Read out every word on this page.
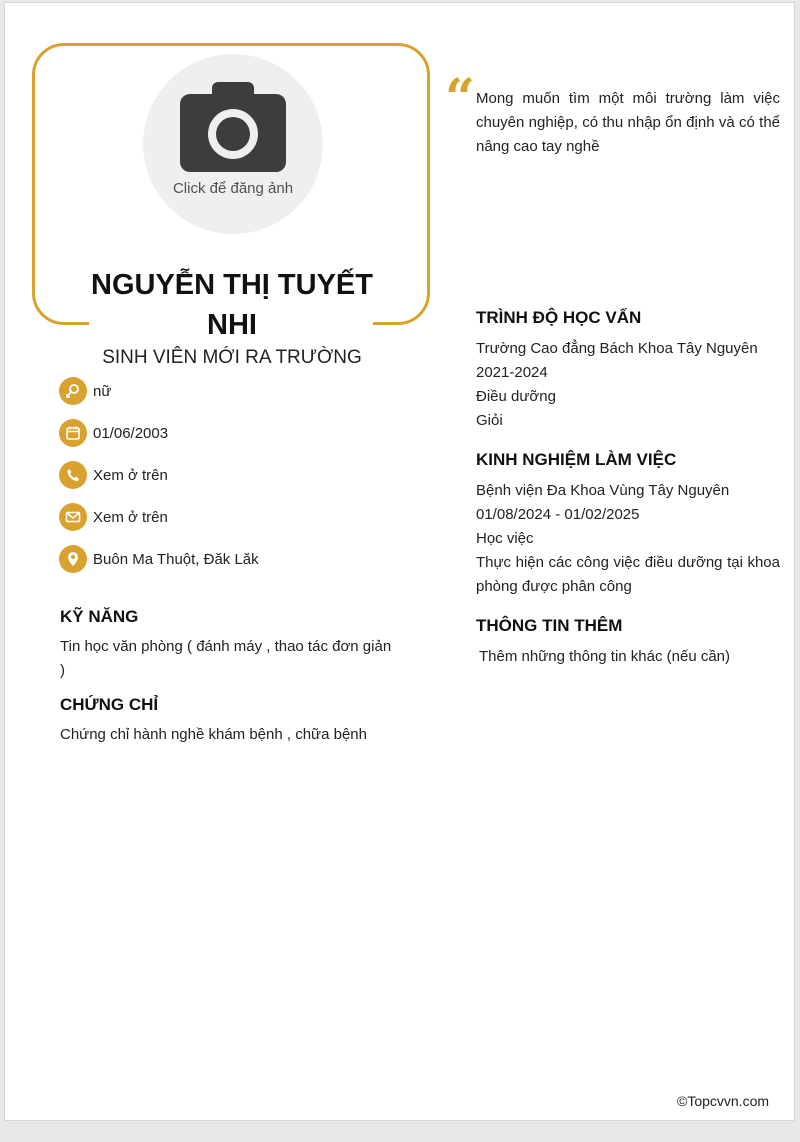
Click để đăng ảnh
NGUYỄN THỊ TUYẾT NHI
SINH VIÊN MỚI RA TRƯỜNG
nữ
01/06/2003
Xem ở trên
Xem ở trên
Buôn Ma Thuột, Đăk Lăk
KỸ NĂNG
Tin học văn phòng ( đánh máy , thao tác đơn giản )
CHỨNG CHỈ
Chứng chỉ hành nghề khám bệnh , chữa bệnh
“ Mong muốn tìm một môi trường làm việc chuyên nghiệp, có thu nhập ổn định và có thể nâng cao tay nghề
TRÌNH ĐỘ HỌC VẤN
Trường Cao đẳng Bách Khoa Tây Nguyên
2021-2024
Điều dưỡng
Giỏi
KINH NGHIỆM LÀM VIỆC
Bệnh viện Đa Khoa Vùng Tây Nguyên
01/08/2024 - 01/02/2025
Học việc
Thực hiện các công việc điều dưỡng tại khoa phòng được phân công
THÔNG TIN THÊM
Thêm những thông tin khác (nếu cần)
©Topcvvn.com
